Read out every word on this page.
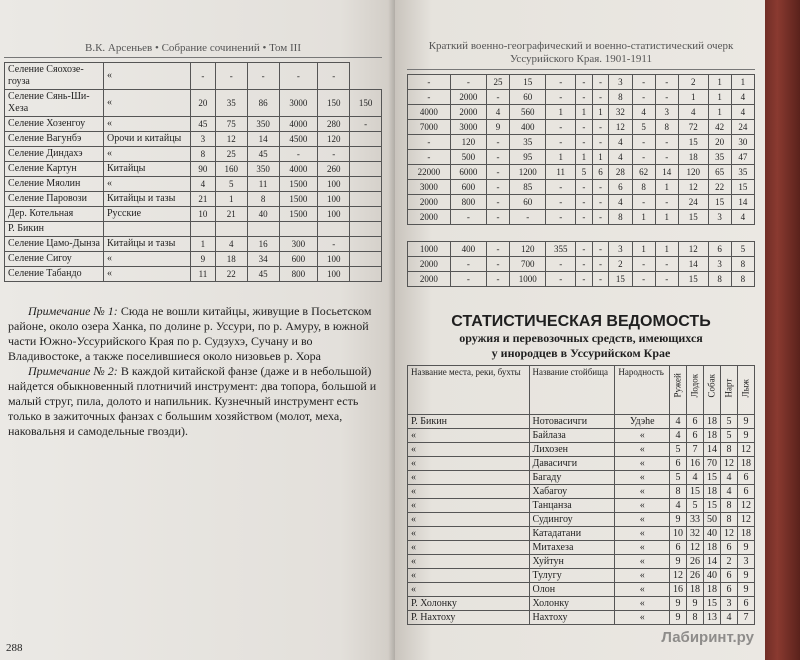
В.К. Арсеньев • Собрание сочинений • Том III
Селение Сяохозе-гоуза	«	-	-	-	-	-	
Селение Сянь-Ши-Хеза	«	20	35	86	3000	150	150
Селение Хозенгоу	«	45	75	350	4000	280	-
Селение Вагунбэ	Орочи и китайцы	3	12	14	4500	120	
Селение Диндахэ	«	8	25	45	-	-	
Селение Картун	Китайцы	90	160	350	4000	260	
Селение Мяолин	«	4	5	11	1500	100	
Селение Паровози	Китайцы и тазы	21	1	8	1500	100	
Дер. Котельная	Русские	10	21	40	1500	100	
Р. Бикин							
Селение Цамо-Дынза	Китайцы и тазы	1	4	16	300	-	
Селение Сигоу	«	9	18	34	600	100	
Селение Табандо	«	11	22	45	800	100	

Примечание № 1: Сюда не вошли китайцы, живущие в Посьетском районе, около озера Ханка, по долине р. Уссури, по р. Амуру, в южной части Южно-Уссурийского Края по р. Судзухэ, Сучану и во Владивостоке, а также поселившиеся около низовьев р. Хора

Примечание № 2: В каждой китайской фанзе (даже и в небольшой) найдется обыкновенный плотничий инструмент: два топора, большой и малый струг, пила, долото и напильник. Кузнечный инструмент есть только в зажиточных фанзах с большим хозяйством (молот, меха, наковальня и самодельные гвозди).

288
Краткий военно-географический и военно-статистический очерк Уссурийского Края. 1901-1911
-	-	25	15	-	-	-	3	-	-	2	1	1
-	2000	-	60	-	-	-	8	-	-	1	1	4
4000	2000	4	560	1	1	1	32	4	3	4	1	4
7000	3000	9	400	-	-	-	12	5	8	72	42	24
-	120	-	35	-	-	-	4	-	-	15	20	30
-	500	-	95	1	1	1	4	-	-	18	35	47
22000	6000	-	1200	11	5	6	28	62	14	120	65	35
3000	600	-	85	-	-	-	6	8	1	12	22	15
2000	800	-	60	-	-	-	4	-	-	24	15	14
2000	-	-	-	-	-	-	8	1	1	15	3	4

1000	400	-	120	355	-	-	3	1	1	12	6	5
2000	-	-	700	-	-	-	2	-	-	14	3	8
2000	-	-	1000	-	-	-	15	-	-	15	8	8
СТАТИСТИЧЕСКАЯ ВЕДОМОСТЬ
оружия и перевозочных средств, имеющихся
у инородцев в Уссурийском Крае
Название места, реки, бухты	Название стойбища	Народность	Ружей	Лодок	Собак	Нарт	Лыж

Р. Бикин	Нотовасичги	Удэhе	4	6	18	5	9
«	Байлаза	«	4	6	18	5	9
«	Лихозен	«	5	7	14	8	12
«	Давасичги	«	6	16	70	12	18
«	Багаду	«	5	4	15	4	6
«	Хабагоу	«	8	15	18	4	6
«	Танцанза	«	4	5	15	8	12
«	Судингоу	«	9	33	50	8	12
«	Катадатани	«	10	32	40	12	18
«	Митахеза	«	6	12	18	6	9
«	Хуйтун	«	9	26	14	2	3
«	Тулугу	«	12	26	40	6	9
«	Олон	«	16	18	18	6	9
Р. Холонку	Холонку	«	9	9	15	3	6
Р. Нахтоху	Нахтоху	«	9	8	13	4	7
Лабиринт.ру
